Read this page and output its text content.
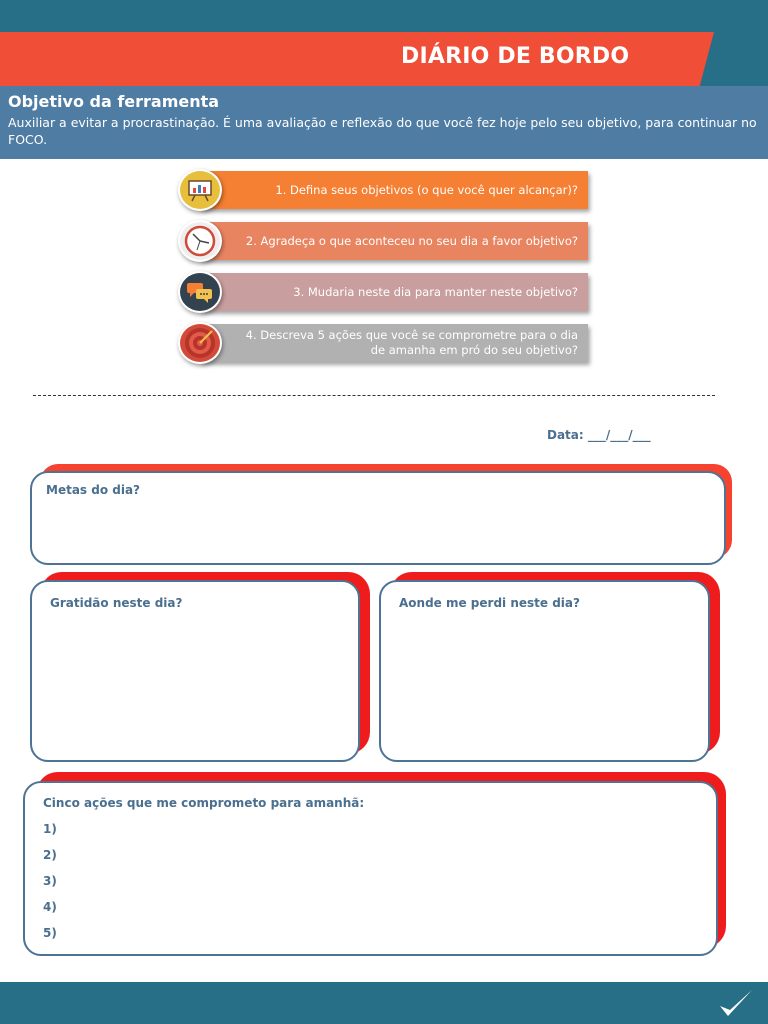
DIÁRIO DE BORDO
Objetivo da ferramenta
Auxiliar a evitar a procrastinação. É uma avaliação e reflexão do que você fez hoje pelo seu objetivo, para continuar no FOCO.
1. Defina seus objetivos (o que você quer alcançar)?
2. Agradeça o que aconteceu no seu dia a favor objetivo?
3. Mudaria neste dia para manter neste objetivo?
4. Descreva 5 ações que você se comprometre para o dia de amanha em pró do seu objetivo?
Data: ___/___/___
Metas do dia?
Gratidão neste dia?	Aonde me perdi neste dia?
Cinco ações que me comprometo para amanhã:
1)
2)
3)
4)
5)
